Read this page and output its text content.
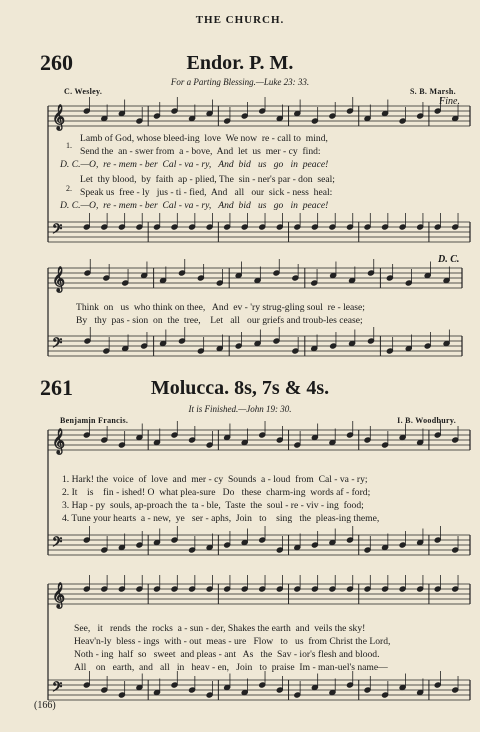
THE CHURCH.
260	Endor. P. M.
For a Parting Blessing.—Luke 23: 33.
C. Wesley.	S. B. Marsh.
Fine.
1.
2.
Lamb of God, whose bleed-ing  love  We now  re - call to  mind,
Send the  an - swer from  a - bove,  And  let  us  mer - cy  find:
D. C.—O,  re - mem - ber  Cal - va - ry,   And  bid   us   go   in  peace!
Let  thy blood,  by  faith  ap - plied, The  sin - ner's par - don  seal;
Speak us  free - ly   jus - ti - fied,  And   all   our  sick - ness  heal:
D. C.—O,  re - mem - ber  Cal - va - ry,   And  bid   us   go   in  peace!
D. C.
Think  on   us  who think on thee,   And  ev - 'ry strug-gling soul  re - lease;
By   thy  pas - sion  on  the  tree,    Let   all   our griefs and troub-les cease;
261	Molucca. 8s, 7s & 4s.
It is Finished.—John 19: 30.
Benjamin Francis.	I. B. Woodbury.
1. Hark! the  voice  of  love  and  mer - cy  Sounds  a - loud  from  Cal - va - ry;
2. It    is    fin - ished! O  what plea-sure   Do   these  charm-ing  words af - ford;
3. Hap - py  souls, ap-proach the  ta - ble,  Taste  the  soul - re - viv - ing  food;
4. Tune your hearts  a - new,  ye   ser - aphs,  Join   to    sing   the  pleas-ing theme,
See,   it   rends  the  rocks  a - sun - der, Shakes the earth  and  veils the sky!
Heav'n-ly  bless - ings  with - out  meas - ure   Flow   to   us  from Christ the Lord,
Noth - ing  half  so   sweet  and pleas - ant   As   the  Sav - ior's flesh and blood.
All    on   earth,  and   all   in   heav - en,   Join   to  praise  Im - man-uel's name—
(166)
𝄞
𝄢
𝄞
𝄢
𝄞
𝄢
𝄞
𝄢
